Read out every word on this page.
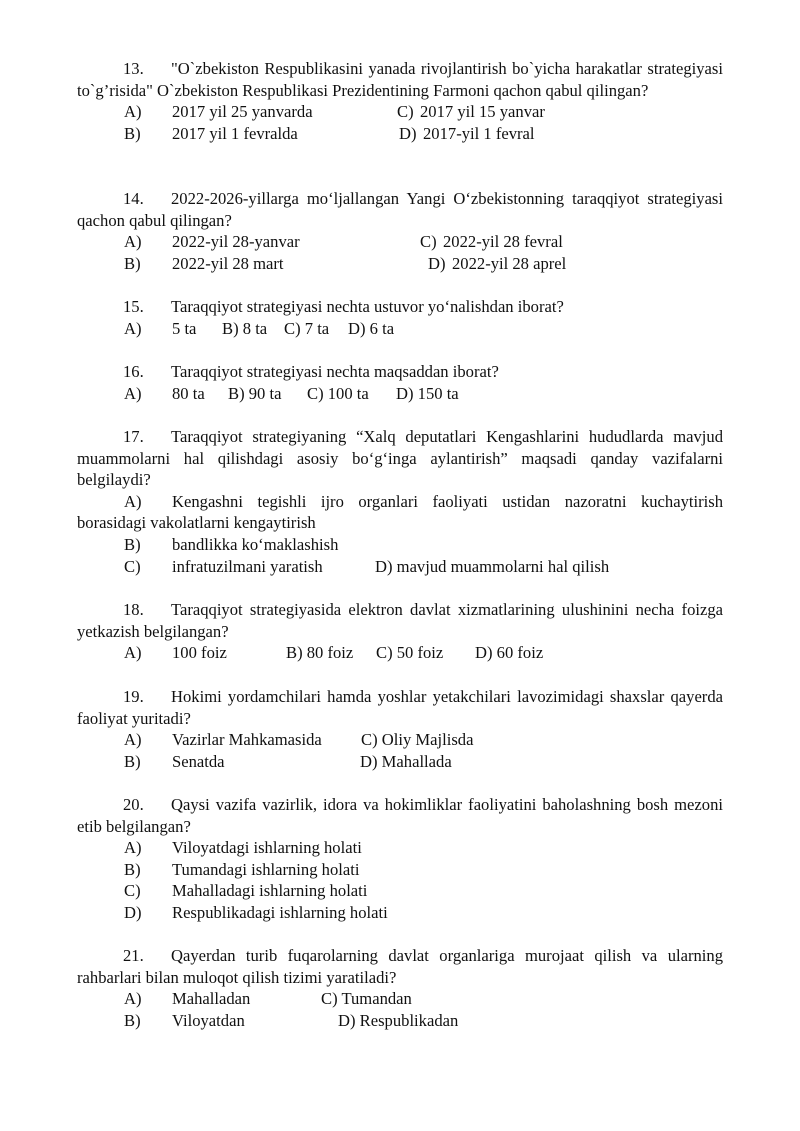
13. "O`zbekiston Respublikasini yanada rivojlantirish bo`yicha harakatlar strategiyasi to`g’risida" O`zbekiston Respublikasi Prezidentining Farmoni qachon qabul qilingan?
A) 2017 yil 25 yanvarda	C) 2017 yil 15 yanvar
B) 2017 yil 1 fevralda	D) 2017-yil 1 fevral
14. 2022-2026-yillarga mo‘ljallangan Yangi O‘zbekistonning taraqqiyot strategiyasi qachon qabul qilingan?
A) 2022-yil 28-yanvar	C) 2022-yil 28 fevral
B) 2022-yil 28 mart	D) 2022-yil 28 aprel
15. Taraqqiyot strategiyasi nechta ustuvor yo‘nalishdan iborat?
A) 5 ta B) 8 ta C) 7 ta D) 6 ta
16. Taraqqiyot strategiyasi nechta maqsaddan iborat?
A) 80 ta B) 90 ta C) 100 ta D) 150 ta
17. Taraqqiyot strategiyaning “Xalq deputatlari Kengashlarini hududlarda mavjud muammolarni hal qilishdagi asosiy bo‘g‘inga aylantirish” maqsadi qanday vazifalarni belgilaydi?
A) Kengashni tegishli ijro organlari faoliyati ustidan nazoratni kuchaytirish borasidagi vakolatlarni kengaytirish
B) bandlikka ko‘maklashish
C) infratuzilmani yaratish	D) mavjud muammolarni hal qilish
18. Taraqqiyot strategiyasida elektron davlat xizmatlarining ulushinini necha foizga yetkazish belgilangan?
A) 100 foiz	B) 80 foiz C) 50 foiz D) 60 foiz
19. Hokimi yordamchilari hamda yoshlar yetakchilari lavozimidagi shaxslar qayerda faoliyat yuritadi?
A) Vazirlar Mahkamasida C) Oliy Majlisda
B) Senatda	D) Mahallada
20. Qaysi vazifa vazirlik, idora va hokimliklar faoliyatini baholashning bosh mezoni etib belgilangan?
A) Viloyatdagi ishlarning holati
B) Tumandagi ishlarning holati
C) Mahalladagi ishlarning holati
D) Respublikadagi ishlarning holati
21. Qayerdan turib fuqarolarning davlat organlariga murojaat qilish va ularning rahbarlari bilan muloqot qilish tizimi yaratiladi?
A) Mahalladan	C) Tumandan
B) Viloyatdan	D) Respublikadan
